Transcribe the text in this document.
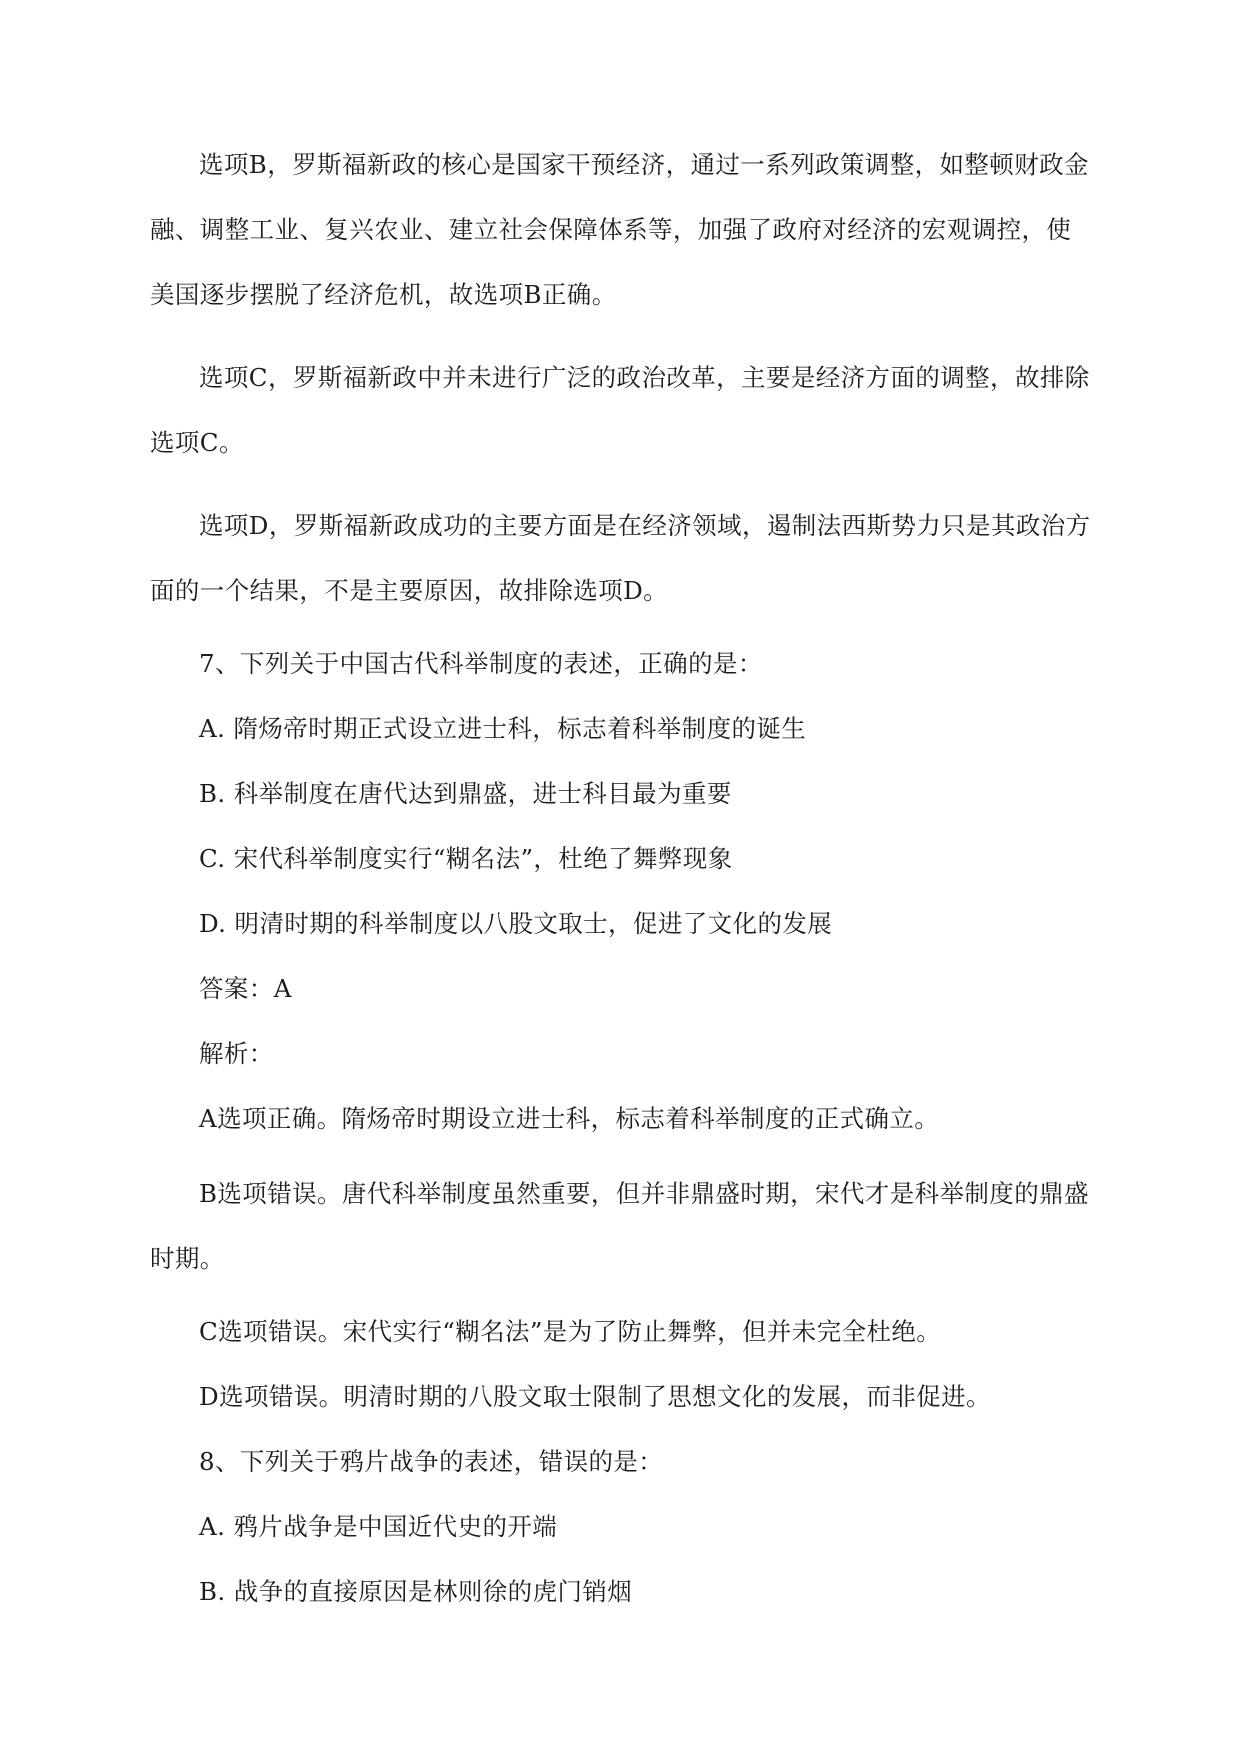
选项B，罗斯福新政的核心是国家干预经济，通过一系列政策调整，如整顿财政金融、调整工业、复兴农业、建立社会保障体系等，加强了政府对经济的宏观调控，使美国逐步摆脱了经济危机，故选项B正确。

选项C，罗斯福新政中并未进行广泛的政治改革，主要是经济方面的调整，故排除选项C。

选项D，罗斯福新政成功的主要方面是在经济领域，遏制法西斯势力只是其政治方面的一个结果，不是主要原因，故排除选项D。

7、下列关于中国古代科举制度的表述，正确的是：

A. 隋炀帝时期正式设立进士科，标志着科举制度的诞生

B. 科举制度在唐代达到鼎盛，进士科目最为重要

C. 宋代科举制度实行“糊名法”，杜绝了舞弊现象

D. 明清时期的科举制度以八股文取士，促进了文化的发展

答案：A

解析：

A选项正确。隋炀帝时期设立进士科，标志着科举制度的正式确立。

B选项错误。唐代科举制度虽然重要，但并非鼎盛时期，宋代才是科举制度的鼎盛时期。

C选项错误。宋代实行“糊名法”是为了防止舞弊，但并未完全杜绝。

D选项错误。明清时期的八股文取士限制了思想文化的发展，而非促进。

8、下列关于鸦片战争的表述，错误的是：

A. 鸦片战争是中国近代史的开端

B. 战争的直接原因是林则徐的虎门销烟
